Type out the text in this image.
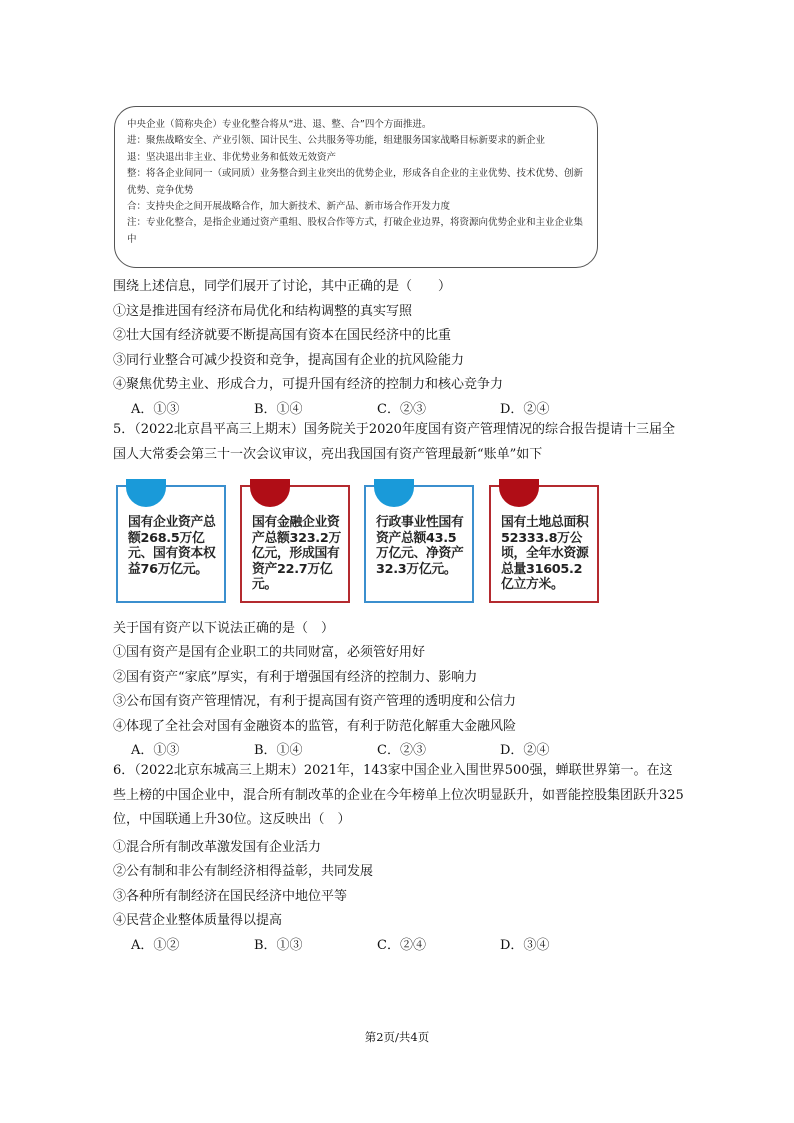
中央企业（简称央企）专业化整合将从“进、退、整、合”四个方面推进。
进：聚焦战略安全、产业引领、国计民生、公共服务等功能，组建服务国家战略目标新要求的新企业
退：坚决退出非主业、非优势业务和低效无效资产
整：将各企业间同一（或同质）业务整合到主业突出的优势企业，形成各自企业的主业优势、技术优势、创新优势、竞争优势
合：支持央企之间开展战略合作，加大新技术、新产品、新市场合作开发力度
注：专业化整合，是指企业通过资产重组、股权合作等方式，打破企业边界，将资源向优势企业和主业企业集中
围绕上述信息，同学们展开了讨论，其中正确的是（　　）
①这是推进国有经济布局优化和结构调整的真实写照
②壮大国有经济就要不断提高国有资本在国民经济中的比重
③同行业整合可减少投资和竞争，提高国有企业的抗风险能力
④聚焦优势主业、形成合力，可提升国有经济的控制力和核心竞争力
A．①③	B．①④	C．②③	D．②④
5．（2022北京昌平高三上期末）国务院关于2020年度国有资产管理情况的综合报告提请十三届全国人大常委会第三十一次会议审议，亮出我国国有资产管理最新“账单”如下
国有企业资产总额268.5万亿元、国有资本权益76万亿元。
国有金融企业资产总额323.2万亿元，形成国有资产22.7万亿元。
行政事业性国有资产总额43.5万亿元、净资产32.3万亿元。
国有土地总面积52333.8万公顷，全年水资源总量31605.2亿立方米。
关于国有资产以下说法正确的是（　）
①国有资产是国有企业职工的共同财富，必须管好用好
②国有资产“家底”厚实，有利于增强国有经济的控制力、影响力
③公布国有资产管理情况，有利于提高国有资产管理的透明度和公信力
④体现了全社会对国有金融资本的监管，有利于防范化解重大金融风险
A．①③	B．①④	C．②③	D．②④
6．（2022北京东城高三上期末）2021年，143家中国企业入围世界500强，蝉联世界第一。在这些上榜的中国企业中，混合所有制改革的企业在今年榜单上位次明显跃升，如晋能控股集团跃升325位，中国联通上升30位。这反映出（　）
①混合所有制改革激发国有企业活力
②公有制和非公有制经济相得益彰，共同发展
③各种所有制经济在国民经济中地位平等
④民营企业整体质量得以提高
A．①②	B．①③	C．②④	D．③④
第2页/共4页
